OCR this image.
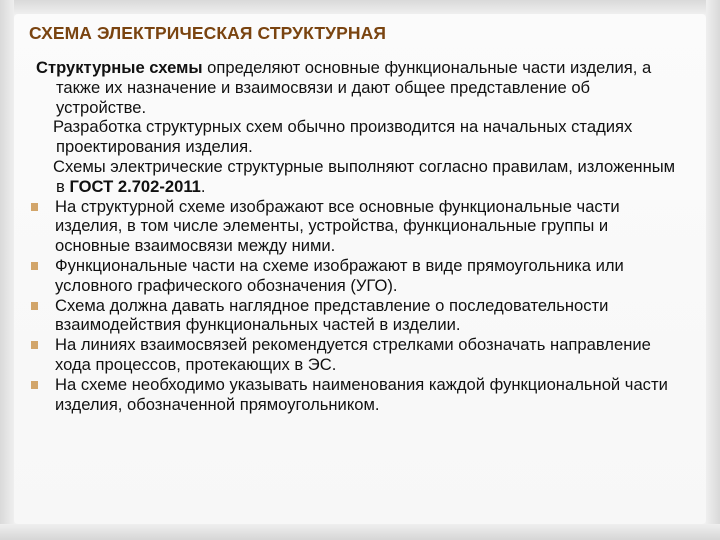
СХЕМА ЭЛЕКТРИЧЕСКАЯ СТРУКТУРНАЯ
Структурные схемы определяют основные функциональные части изделия, а также их назначение и взаимосвязи и дают общее представление об устройстве.
Разработка структурных схем обычно производится на начальных стадиях проектирования изделия.
Схемы электрические структурные выполняют согласно правилам, изложенным в ГОСТ 2.702-2011.
На структурной схеме изображают все основные функциональные части изделия, в том числе элементы, устройства, функциональные группы и основные взаимосвязи между ними.
Функциональные части на схеме изображают в виде прямоугольника или условного графического обозначения (УГО).
Схема должна давать наглядное представление о последовательности взаимодействия функциональных частей в изделии.
На линиях взаимосвязей рекомендуется стрелками обозначать направление хода процессов, протекающих в ЭС.
На схеме необходимо указывать наименования каждой функциональной части изделия, обозначенной прямоугольником.
